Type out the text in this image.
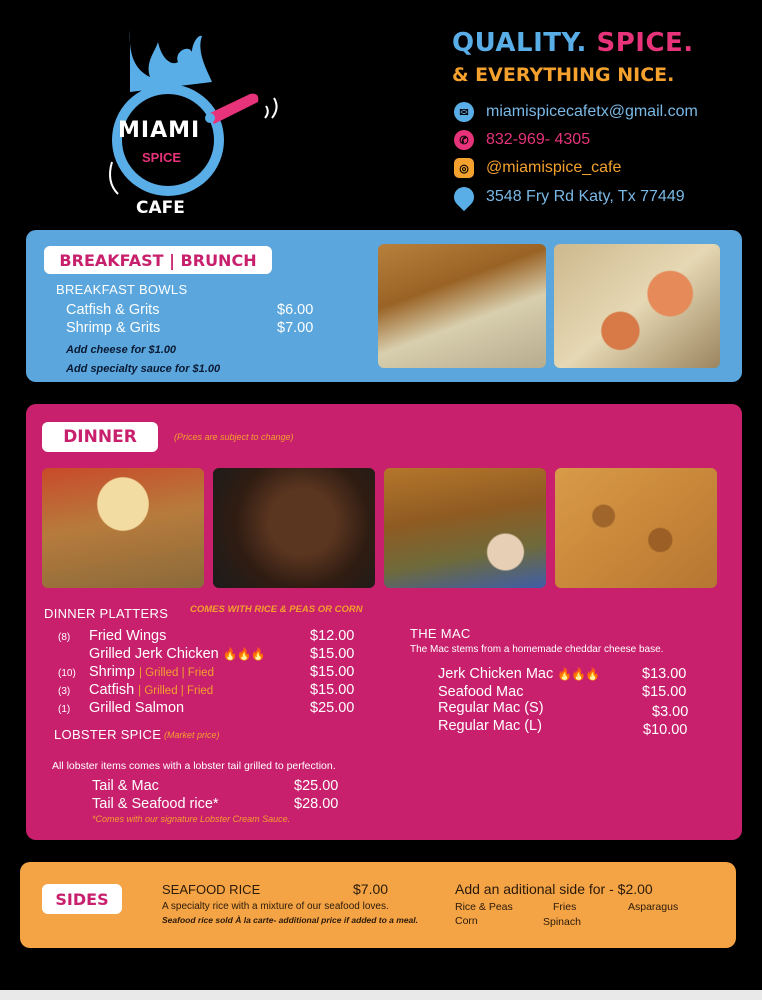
MIAMI
SPICE
CAFE
QUALITY. SPICE.
& EVERYTHING NICE.
✉	miamispicecafetx@gmail.com
✆	832-969- 4305
◎	@miamispice_cafe
3548 Fry Rd Katy, Tx 77449
BREAKFAST | BRUNCH
BREAKFAST BOWLS
Catfish & Grits	$6.00
Shrimp & Grits	$7.00
Add cheese for $1.00
Add specialty sauce for $1.00
DINNER	(Prices are subject to change)
DINNER PLATTERS COMES WITH RICE & PEAS OR CORN
(8) Fried Wings	$12.00
Grilled Jerk Chicken 🔥🔥🔥	$15.00
(10) Shrimp | Grilled | Fried	$15.00
(3) Catfish | Grilled | Fried	$15.00
(1) Grilled Salmon	$25.00
LOBSTER SPICE (Market price)
All lobster items comes with a lobster tail grilled to perfection.
Tail & Mac	$25.00
Tail & Seafood rice*	$28.00
*Comes with our signature Lobster Cream Sauce.
THE MAC
The Mac stems from a homemade cheddar cheese base.
Jerk Chicken Mac 🔥🔥🔥	$13.00
Seafood Mac	$15.00
Regular Mac (S)	$3.00
Regular Mac (L)	$10.00
SIDES	SEAFOOD RICE	$7.00
A specialty rice with a mixture of our seafood loves.
Seafood rice sold À la carte- additional price if added to a meal.
Add an aditional side for - $2.00
Rice & Peas	Fries	Asparagus
Corn	Spinach
